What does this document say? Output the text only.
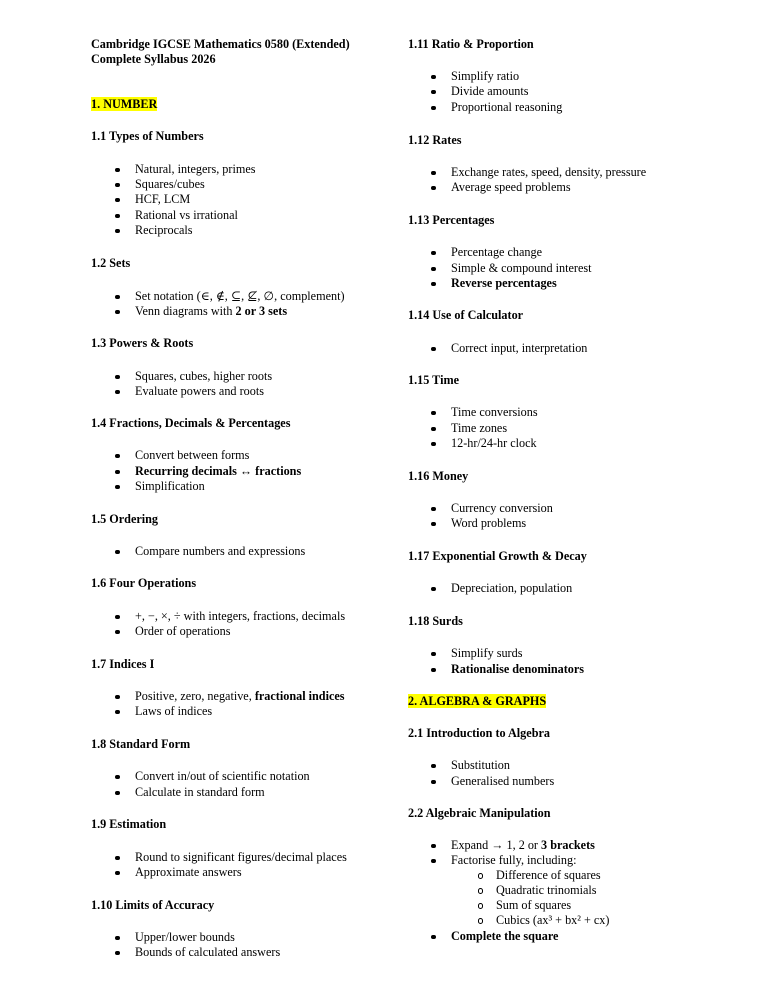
Cambridge IGCSE Mathematics 0580 (Extended)
Complete Syllabus 2026
1. NUMBER
1.1 Types of Numbers
Natural, integers, primes
Squares/cubes
HCF, LCM
Rational vs irrational
Reciprocals
1.2 Sets
Set notation (∈, ∉, ⊆, ⊈, ∅, complement)
Venn diagrams with 2 or 3 sets
1.3 Powers & Roots
Squares, cubes, higher roots
Evaluate powers and roots
1.4 Fractions, Decimals & Percentages
Convert between forms
Recurring decimals ↔ fractions
Simplification
1.5 Ordering
Compare numbers and expressions
1.6 Four Operations
+, −, ×, ÷ with integers, fractions, decimals
Order of operations
1.7 Indices I
Positive, zero, negative, fractional indices
Laws of indices
1.8 Standard Form
Convert in/out of scientific notation
Calculate in standard form
1.9 Estimation
Round to significant figures/decimal places
Approximate answers
1.10 Limits of Accuracy
Upper/lower bounds
Bounds of calculated answers
1.11 Ratio & Proportion
Simplify ratio
Divide amounts
Proportional reasoning
1.12 Rates
Exchange rates, speed, density, pressure
Average speed problems
1.13 Percentages
Percentage change
Simple & compound interest
Reverse percentages
1.14 Use of Calculator
Correct input, interpretation
1.15 Time
Time conversions
Time zones
12-hr/24-hr clock
1.16 Money
Currency conversion
Word problems
1.17 Exponential Growth & Decay
Depreciation, population
1.18 Surds
Simplify surds
Rationalise denominators
2. ALGEBRA & GRAPHS
2.1 Introduction to Algebra
Substitution
Generalised numbers
2.2 Algebraic Manipulation
Expand → 1, 2 or 3 brackets
Factorise fully, including:
Difference of squares
Quadratic trinomials
Sum of squares
Cubics (ax³ + bx² + cx)
Complete the square
